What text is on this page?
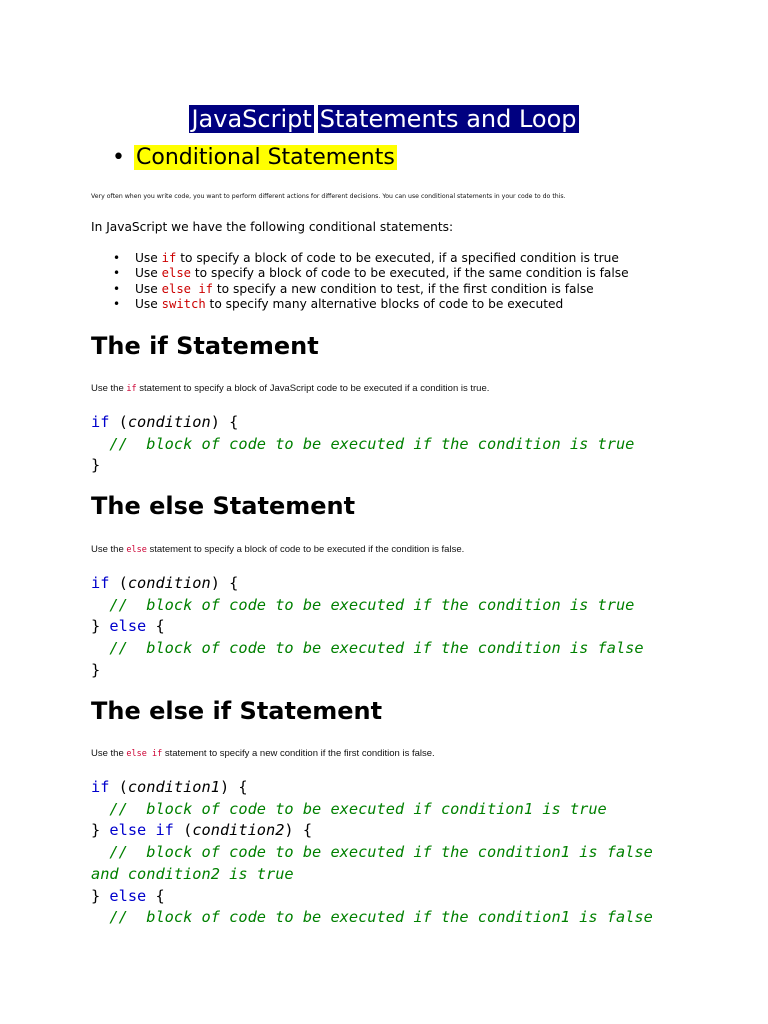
JavaScript Statements and Loop
• Conditional Statements
Very often when you write code, you want to perform different actions for different decisions. You can use conditional statements in your code to do this.
In JavaScript we have the following conditional statements:
• Use if to specify a block of code to be executed, if a specified condition is true
• Use else to specify a block of code to be executed, if the same condition is false
• Use else if to specify a new condition to test, if the first condition is false
• Use switch to specify many alternative blocks of code to be executed
The if Statement
Use the if statement to specify a block of JavaScript code to be executed if a condition is true.
if (condition) {
//  block of code to be executed if the condition is true
}
The else Statement
Use the else statement to specify a block of code to be executed if the condition is false.
if (condition) {
//  block of code to be executed if the condition is true
} else {
//  block of code to be executed if the condition is false
}
The else if Statement
Use the else if statement to specify a new condition if the first condition is false.
if (condition1) {
//  block of code to be executed if condition1 is true
} else if (condition2) {
//  block of code to be executed if the condition1 is false
and condition2 is true
} else {
//  block of code to be executed if the condition1 is false
